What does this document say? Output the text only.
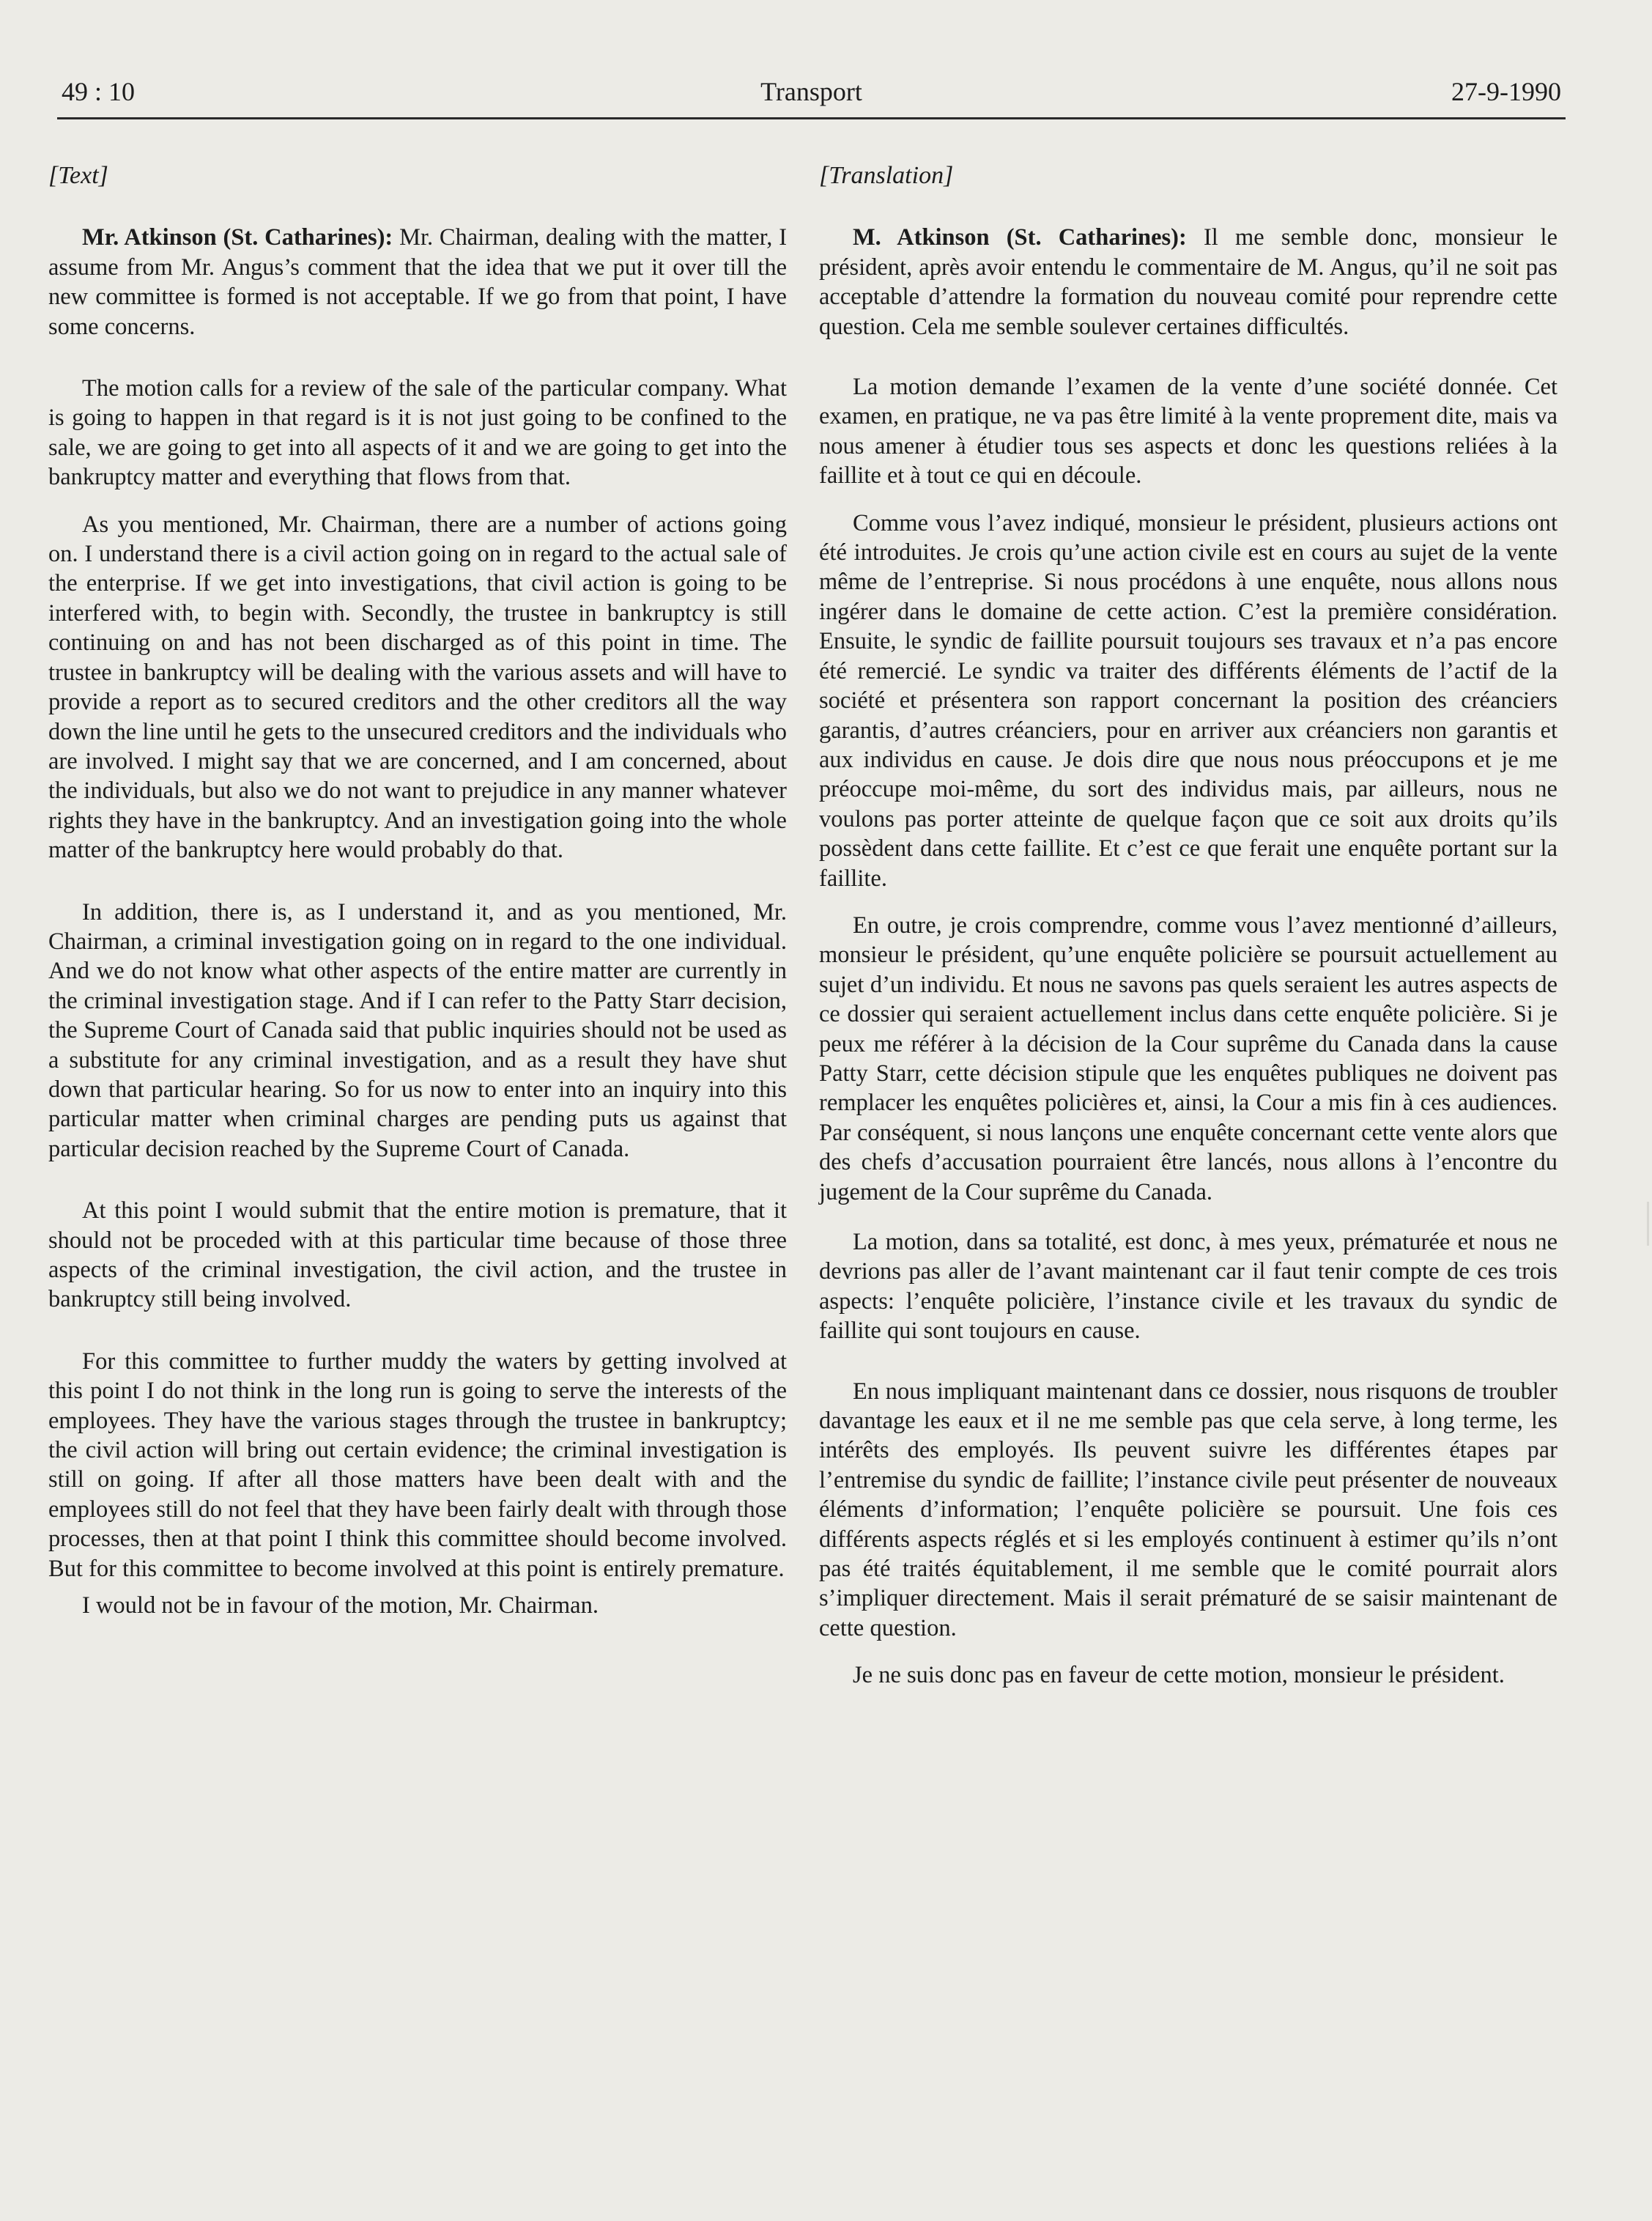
49 : 10	Transport	27-9-1990

[Text]

Mr. Atkinson (St. Catharines): Mr. Chairman, dealing with the matter, I assume from Mr. Angus’s comment that the idea that we put it over till the new committee is formed is not acceptable. If we go from that point, I have some concerns.

The motion calls for a review of the sale of the particular company. What is going to happen in that regard is it is not just going to be confined to the sale, we are going to get into all aspects of it and we are going to get into the bankruptcy matter and everything that flows from that.

As you mentioned, Mr. Chairman, there are a number of actions going on. I understand there is a civil action going on in regard to the actual sale of the enterprise. If we get into investigations, that civil action is going to be interfered with, to begin with. Secondly, the trustee in bankruptcy is still continuing on and has not been discharged as of this point in time. The trustee in bankruptcy will be dealing with the various assets and will have to provide a report as to secured creditors and the other creditors all the way down the line until he gets to the unsecured creditors and the individuals who are involved. I might say that we are concerned, and I am concerned, about the individuals, but also we do not want to prejudice in any manner whatever rights they have in the bankruptcy. And an investigation going into the whole matter of the bankruptcy here would probably do that.

In addition, there is, as I understand it, and as you mentioned, Mr. Chairman, a criminal investigation going on in regard to the one individual. And we do not know what other aspects of the entire matter are currently in the criminal investigation stage. And if I can refer to the Patty Starr decision, the Supreme Court of Canada said that public inquiries should not be used as a substitute for any criminal investigation, and as a result they have shut down that particular hearing. So for us now to enter into an inquiry into this particular matter when criminal charges are pending puts us against that particular decision reached by the Supreme Court of Canada.

At this point I would submit that the entire motion is premature, that it should not be proceded with at this particular time because of those three aspects of the criminal investigation, the civil action, and the trustee in bankruptcy still being involved.

For this committee to further muddy the waters by getting involved at this point I do not think in the long run is going to serve the interests of the employees. They have the various stages through the trustee in bankruptcy; the civil action will bring out certain evidence; the criminal investigation is still on going. If after all those matters have been dealt with and the employees still do not feel that they have been fairly dealt with through those processes, then at that point I think this committee should become involved. But for this committee to become involved at this point is entirely premature.

I would not be in favour of the motion, Mr. Chairman.

[Translation]

M. Atkinson (St. Catharines): Il me semble donc, monsieur le président, après avoir entendu le commentaire de M. Angus, qu’il ne soit pas acceptable d’attendre la formation du nouveau comité pour reprendre cette question. Cela me semble soulever certaines difficultés.

La motion demande l’examen de la vente d’une société donnée. Cet examen, en pratique, ne va pas être limité à la vente proprement dite, mais va nous amener à étudier tous ses aspects et donc les questions reliées à la faillite et à tout ce qui en découle.

Comme vous l’avez indiqué, monsieur le président, plusieurs actions ont été introduites. Je crois qu’une action civile est en cours au sujet de la vente même de l’entreprise. Si nous procédons à une enquête, nous allons nous ingérer dans le domaine de cette action. C’est la première considération. Ensuite, le syndic de faillite poursuit toujours ses travaux et n’a pas encore été remercié. Le syndic va traiter des différents éléments de l’actif de la société et présentera son rapport concernant la position des créanciers garantis, d’autres créanciers, pour en arriver aux créanciers non garantis et aux individus en cause. Je dois dire que nous nous préoccupons et je me préoccupe moi-même, du sort des individus mais, par ailleurs, nous ne voulons pas porter atteinte de quelque façon que ce soit aux droits qu’ils possèdent dans cette faillite. Et c’est ce que ferait une enquête portant sur la faillite.

En outre, je crois comprendre, comme vous l’avez mentionné d’ailleurs, monsieur le président, qu’une enquête policière se poursuit actuellement au sujet d’un individu. Et nous ne savons pas quels seraient les autres aspects de ce dossier qui seraient actuellement inclus dans cette enquête policière. Si je peux me référer à la décision de la Cour suprême du Canada dans la cause Patty Starr, cette décision stipule que les enquêtes publiques ne doivent pas remplacer les enquêtes policières et, ainsi, la Cour a mis fin à ces audiences. Par conséquent, si nous lançons une enquête concernant cette vente alors que des chefs d’accusation pourraient être lancés, nous allons à l’encontre du jugement de la Cour suprême du Canada.

La motion, dans sa totalité, est donc, à mes yeux, prématurée et nous ne devrions pas aller de l’avant maintenant car il faut tenir compte de ces trois aspects: l’enquête policière, l’instance civile et les travaux du syndic de faillite qui sont toujours en cause.

En nous impliquant maintenant dans ce dossier, nous risquons de troubler davantage les eaux et il ne me semble pas que cela serve, à long terme, les intérêts des employés. Ils peuvent suivre les différentes étapes par l’entremise du syndic de faillite; l’instance civile peut présenter de nouveaux éléments d’information; l’enquête policière se poursuit. Une fois ces différents aspects réglés et si les employés continuent à estimer qu’ils n’ont pas été traités équitablement, il me semble que le comité pourrait alors s’impliquer directement. Mais il serait prématuré de se saisir maintenant de cette question.

Je ne suis donc pas en faveur de cette motion, monsieur le président.
